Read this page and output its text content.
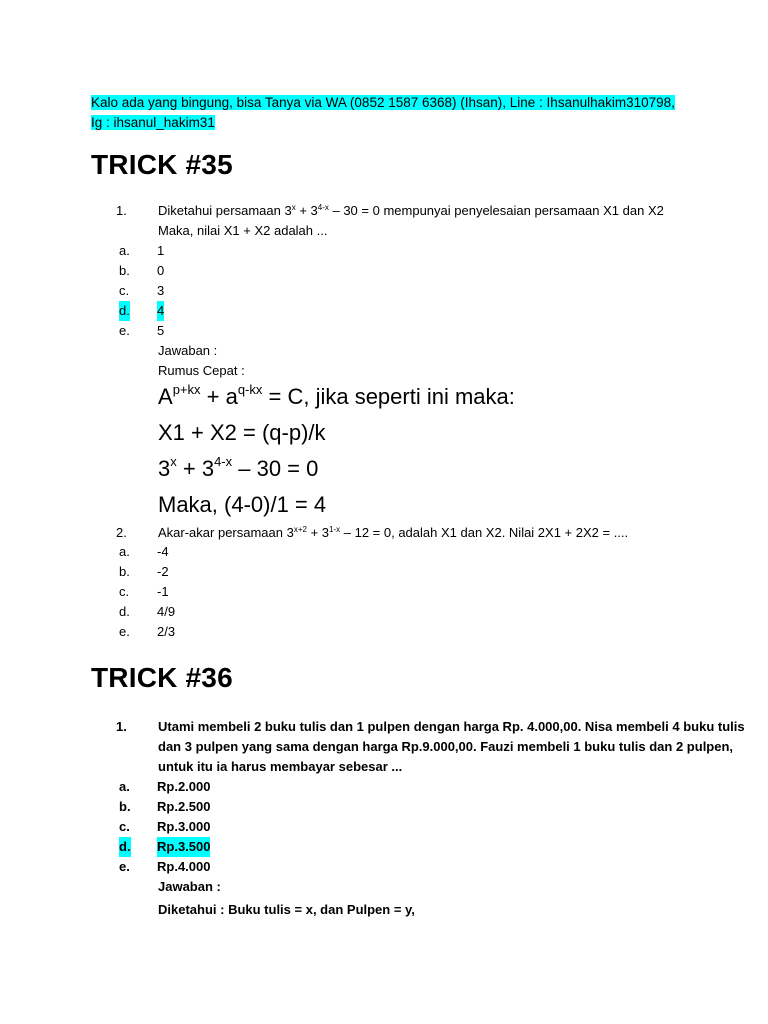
Kalo ada yang bingung, bisa Tanya via WA (0852 1587 6368) (Ihsan), Line : Ihsanulhakim310798, Ig : ihsanul_hakim31
TRICK #35
1.	Diketahui persamaan $3^x + 3^{4-x} - 30 = 0$ mempunyai penyelesaian persamaan X1 dan X2
Maka, nilai X1 + X2 adalah ...
a. 1
b. 0
c. 3
d. 4
e. 5
Jawaban :
Rumus Cepat :
$A^{p+kx} + a^{q-kx} = C$, jika seperti ini maka:
X1 + X2 = (q-p)/k
$3^x + 3^{4-x} - 30 = 0$
Maka, (4-0)/1 = 4
2.	Akar-akar persamaan $3^{x+2} + 3^{1-x} - 12 = 0$, adalah X1 dan X2. Nilai 2X1 + 2X2 = ....
a. -4
b. -2
c. -1
d. 4/9
e. 2/3
TRICK #36
1.	Utami membeli 2 buku tulis dan 1 pulpen dengan harga Rp. 4.000,00. Nisa membeli 4 buku tulis
dan 3 pulpen yang sama dengan harga Rp.9.000,00. Fauzi membeli 1 buku tulis dan 2 pulpen,
untuk itu ia harus membayar sebesar ...
a. Rp.2.000
b. Rp.2.500
c. Rp.3.000
d. Rp.3.500
e. Rp.4.000
Jawaban :
Diketahui : Buku tulis = x, dan Pulpen = y,
